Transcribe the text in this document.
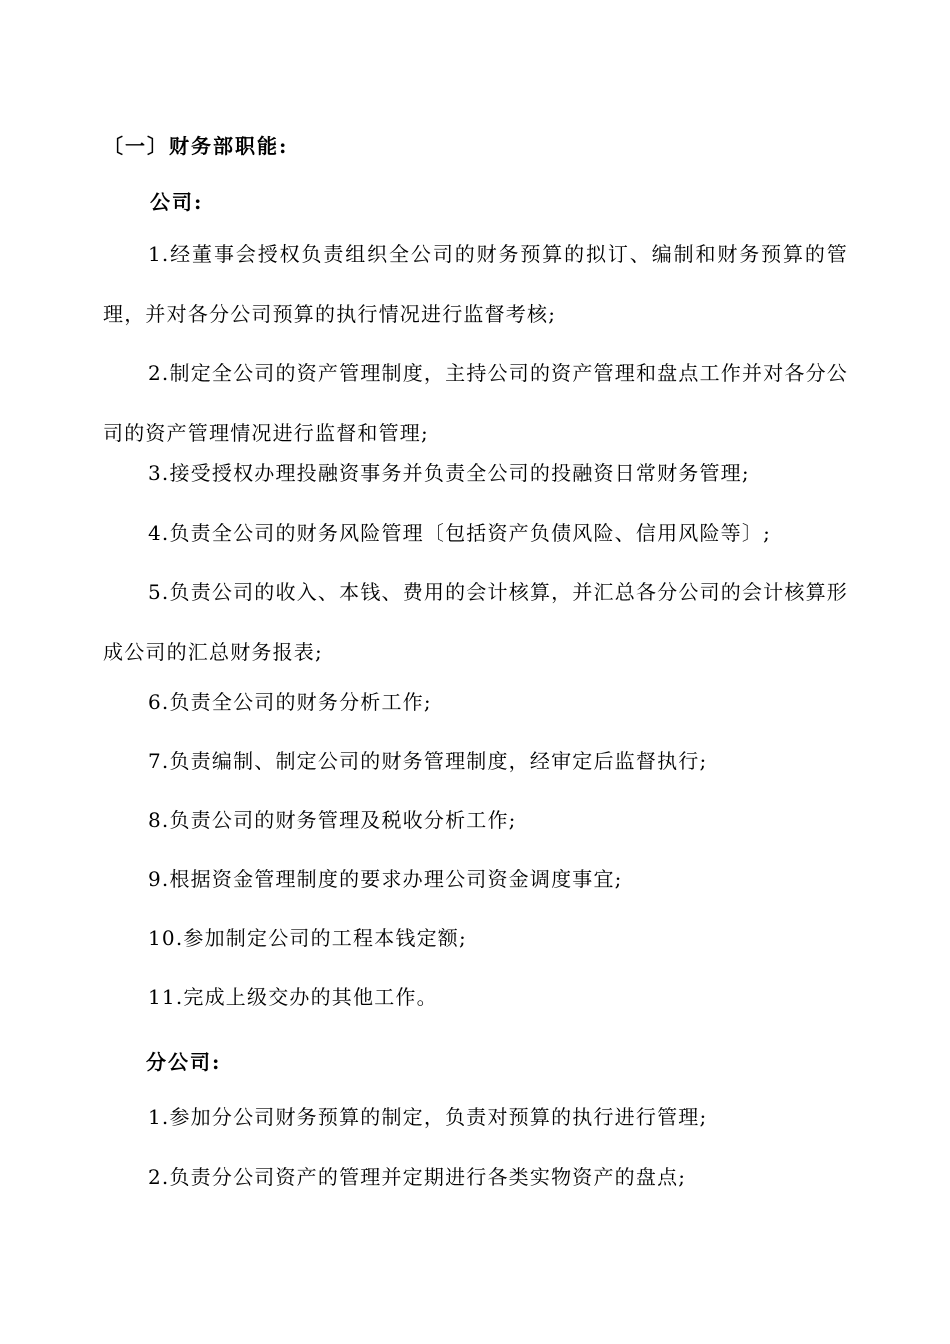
〔一〕财务部职能:
公司:

1.经董事会授权负责组织全公司的财务预算的拟订、编制和财务预算的管理，并对各分公司预算的执行情况进行监督考核;

2.制定全公司的资产管理制度，主持公司的资产管理和盘点工作并对各分公司的资产管理情况进行监督和管理;

3.接受授权办理投融资事务并负责全公司的投融资日常财务管理;

4.负责全公司的财务风险管理〔包括资产负债风险、信用风险等〕;

5.负责公司的收入、本钱、费用的会计核算，并汇总各分公司的会计核算形成公司的汇总财务报表;

6.负责全公司的财务分析工作;

7.负责编制、制定公司的财务管理制度，经审定后监督执行;

8.负责公司的财务管理及税收分析工作;

9.根据资金管理制度的要求办理公司资金调度事宜;

10.参加制定公司的工程本钱定额;

11.完成上级交办的其他工作。

分公司:

1.参加分公司财务预算的制定，负责对预算的执行进行管理;

2.负责分公司资产的管理并定期进行各类实物资产的盘点;
